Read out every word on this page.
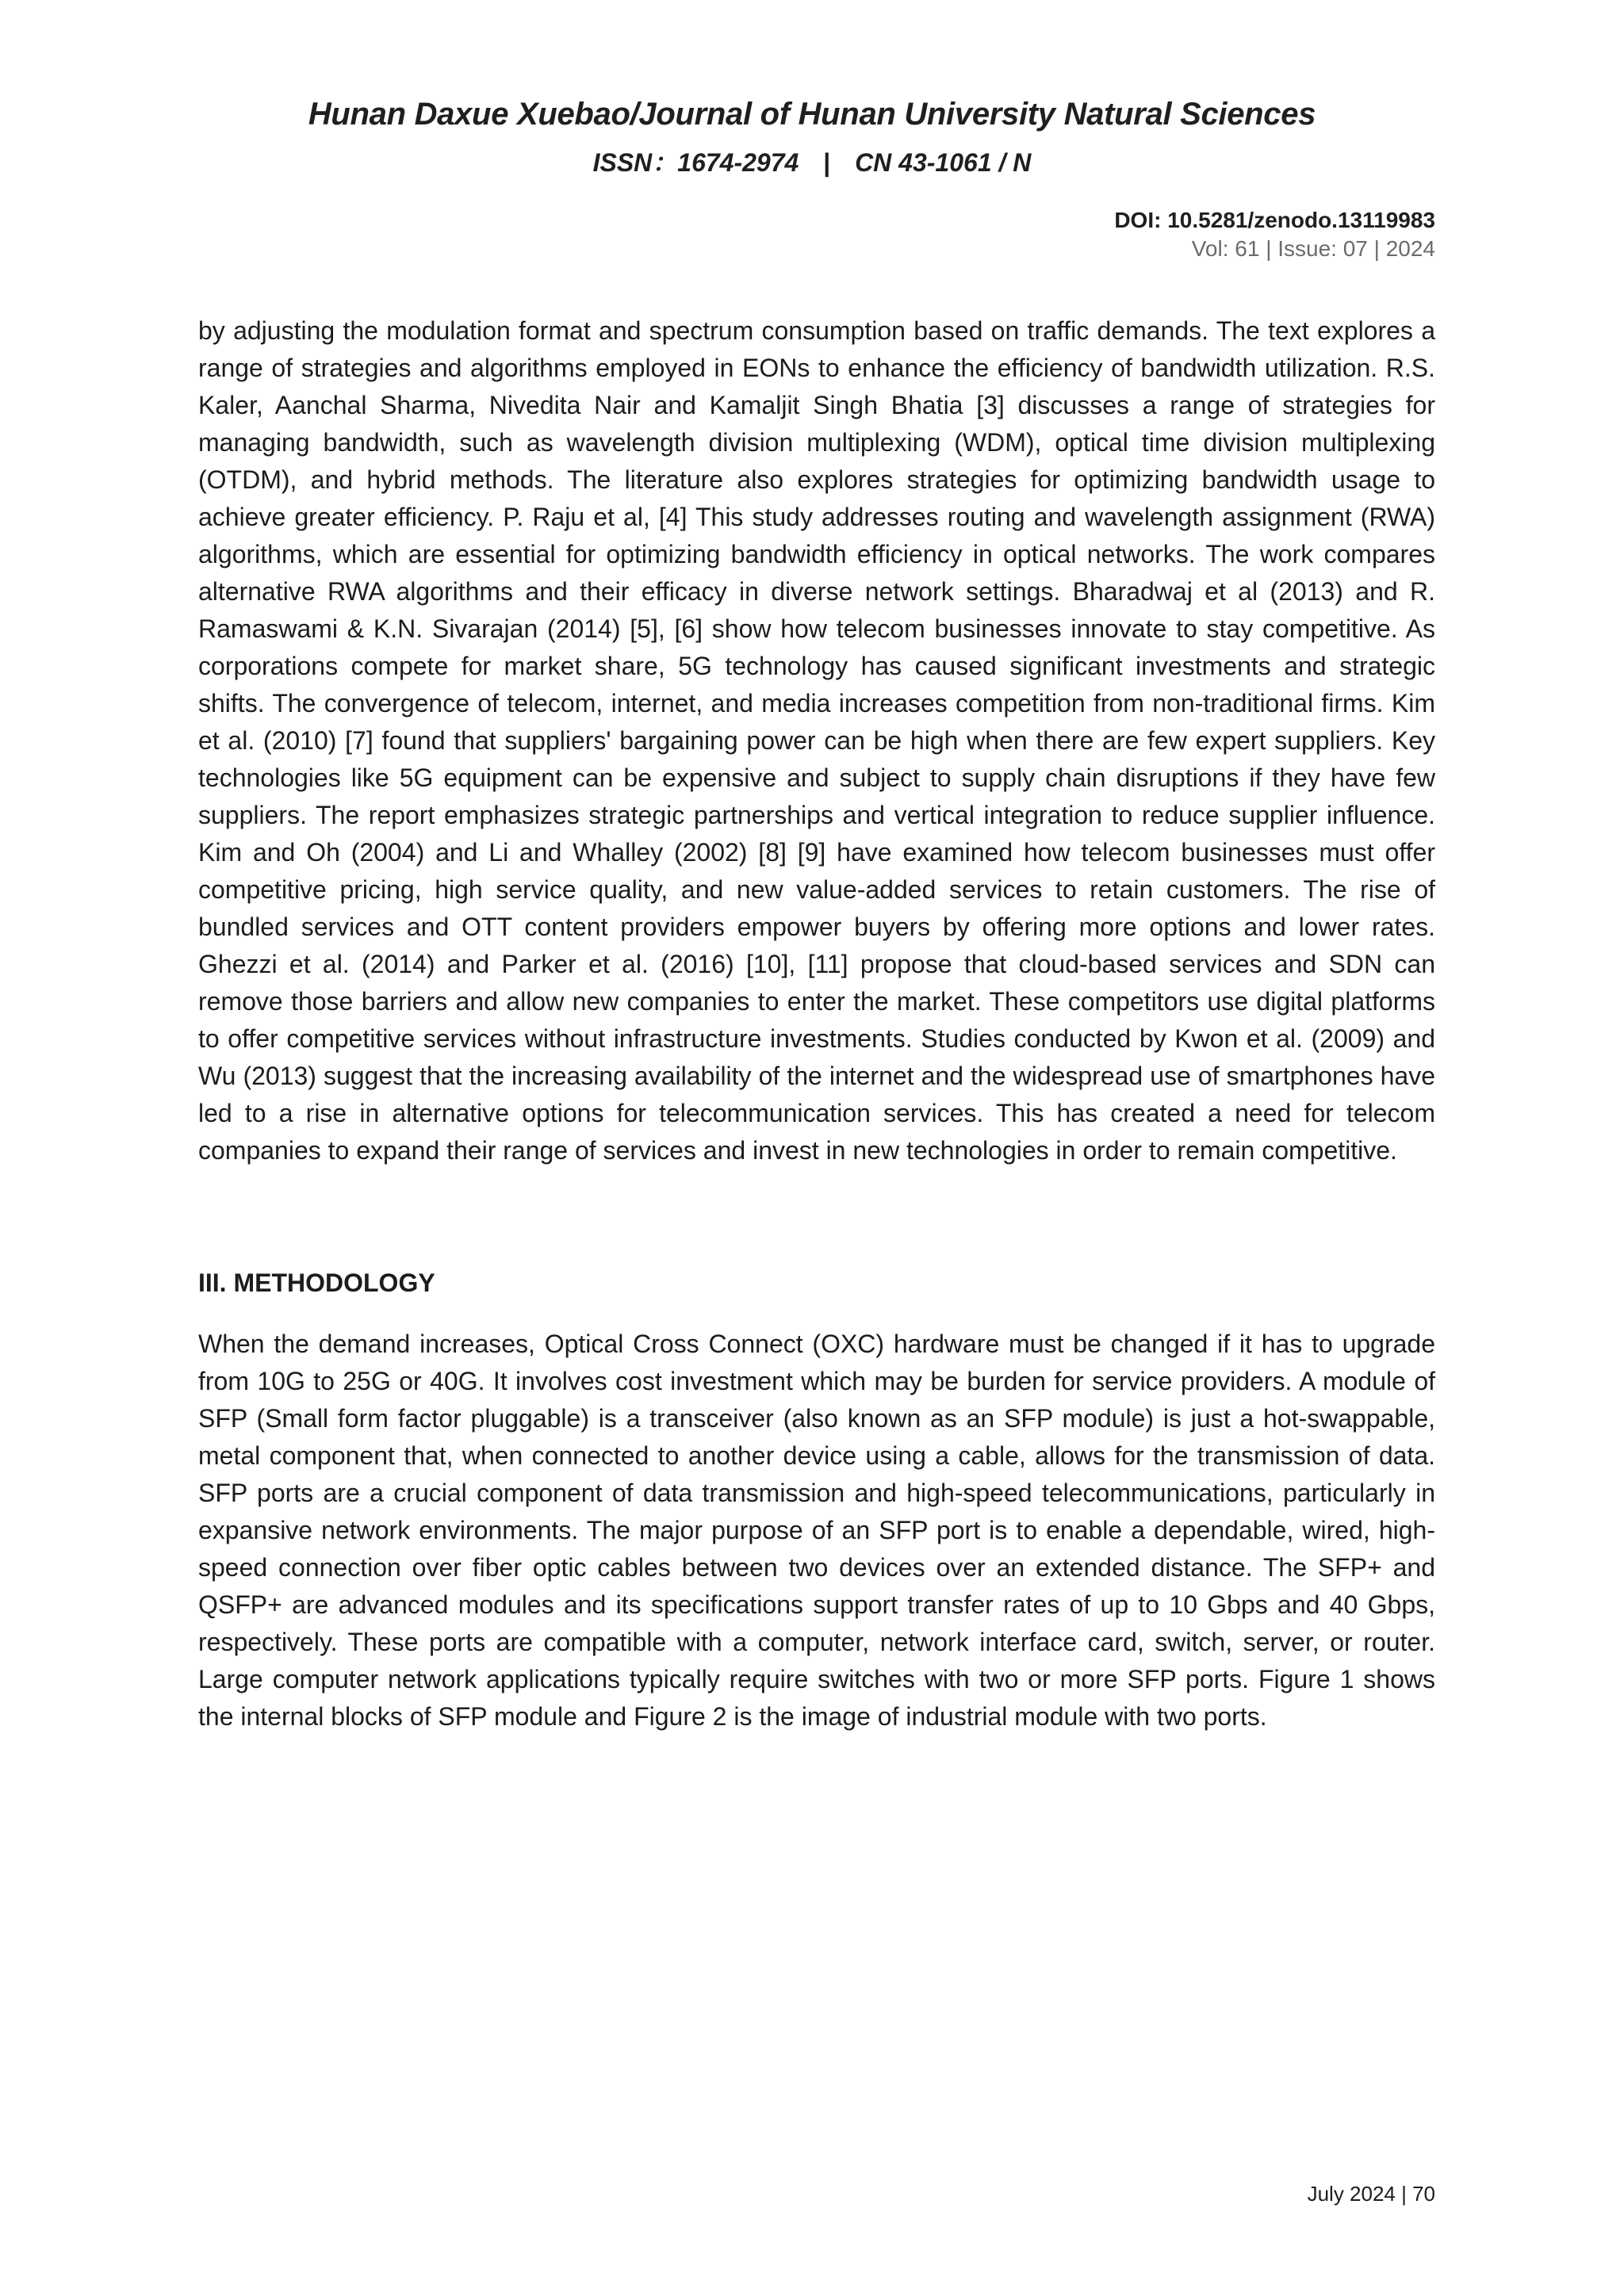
Hunan Daxue Xuebao/Journal of Hunan University Natural Sciences
ISSN：1674-2974 | CN 43-1061 / N
DOI: 10.5281/zenodo.13119983
Vol: 61 | Issue: 07 | 2024

by adjusting the modulation format and spectrum consumption based on traffic demands. The text explores a range of strategies and algorithms employed in EONs to enhance the efficiency of bandwidth utilization. R.S. Kaler, Aanchal Sharma, Nivedita Nair and Kamaljit Singh Bhatia [3] discusses a range of strategies for managing bandwidth, such as wavelength division multiplexing (WDM), optical time division multiplexing (OTDM), and hybrid methods. The literature also explores strategies for optimizing bandwidth usage to achieve greater efficiency. P. Raju et al, [4] This study addresses routing and wavelength assignment (RWA) algorithms, which are essential for optimizing bandwidth efficiency in optical networks. The work compares alternative RWA algorithms and their efficacy in diverse network settings. Bharadwaj et al (2013) and R. Ramaswami & K.N. Sivarajan (2014) [5], [6] show how telecom businesses innovate to stay competitive. As corporations compete for market share, 5G technology has caused significant investments and strategic shifts. The convergence of telecom, internet, and media increases competition from non-traditional firms. Kim et al. (2010) [7] found that suppliers' bargaining power can be high when there are few expert suppliers. Key technologies like 5G equipment can be expensive and subject to supply chain disruptions if they have few suppliers. The report emphasizes strategic partnerships and vertical integration to reduce supplier influence. Kim and Oh (2004) and Li and Whalley (2002) [8] [9] have examined how telecom businesses must offer competitive pricing, high service quality, and new value-added services to retain customers. The rise of bundled services and OTT content providers empower buyers by offering more options and lower rates. Ghezzi et al. (2014) and Parker et al. (2016) [10], [11] propose that cloud-based services and SDN can remove those barriers and allow new companies to enter the market. These competitors use digital platforms to offer competitive services without infrastructure investments. Studies conducted by Kwon et al. (2009) and Wu (2013) suggest that the increasing availability of the internet and the widespread use of smartphones have led to a rise in alternative options for telecommunication services. This has created a need for telecom companies to expand their range of services and invest in new technologies in order to remain competitive.

III. METHODOLOGY

When the demand increases, Optical Cross Connect (OXC) hardware must be changed if it has to upgrade from 10G to 25G or 40G. It involves cost investment which may be burden for service providers. A module of SFP (Small form factor pluggable) is a transceiver (also known as an SFP module) is just a hot-swappable, metal component that, when connected to another device using a cable, allows for the transmission of data. SFP ports are a crucial component of data transmission and high-speed telecommunications, particularly in expansive network environments. The major purpose of an SFP port is to enable a dependable, wired, high-speed connection over fiber optic cables between two devices over an extended distance. The SFP+ and QSFP+ are advanced modules and its specifications support transfer rates of up to 10 Gbps and 40 Gbps, respectively. These ports are compatible with a computer, network interface card, switch, server, or router. Large computer network applications typically require switches with two or more SFP ports. Figure 1 shows the internal blocks of SFP module and Figure 2 is the image of industrial module with two ports.

July 2024 | 70
